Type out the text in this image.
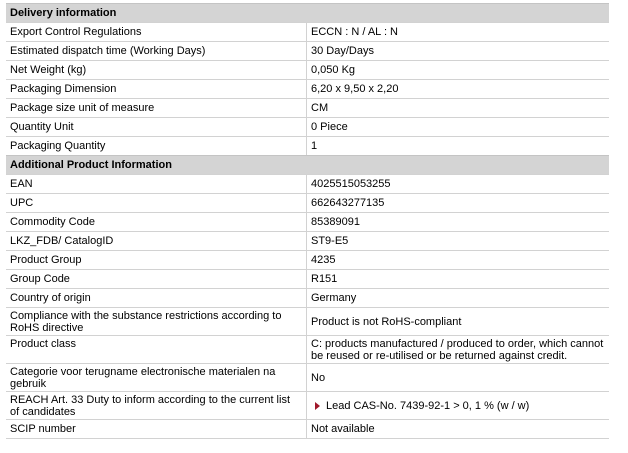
Delivery information
Export Control Regulations	ECCN : N / AL : N
Estimated dispatch time (Working Days)	30 Day/Days
Net Weight (kg)	0,050 Kg
Packaging Dimension	6,20 x 9,50 x 2,20
Package size unit of measure	CM
Quantity Unit	0 Piece
Packaging Quantity	1
Additional Product Information
EAN	4025515053255
UPC	662643277135
Commodity Code	85389091
LKZ_FDB/ CatalogID	ST9-E5
Product Group	4235
Group Code	R151
Country of origin	Germany
Compliance with the substance restrictions according to RoHS directive	Product is not RoHS-compliant
Product class	C: products manufactured / produced to order, which cannot be reused or re-utilised or be returned against credit.
Categorie voor terugname electronische materialen na gebruik	No
REACH Art. 33 Duty to inform according to the current list of candidates	Lead CAS-No. 7439-92-1 > 0, 1 % (w / w)
SCIP number	Not available
